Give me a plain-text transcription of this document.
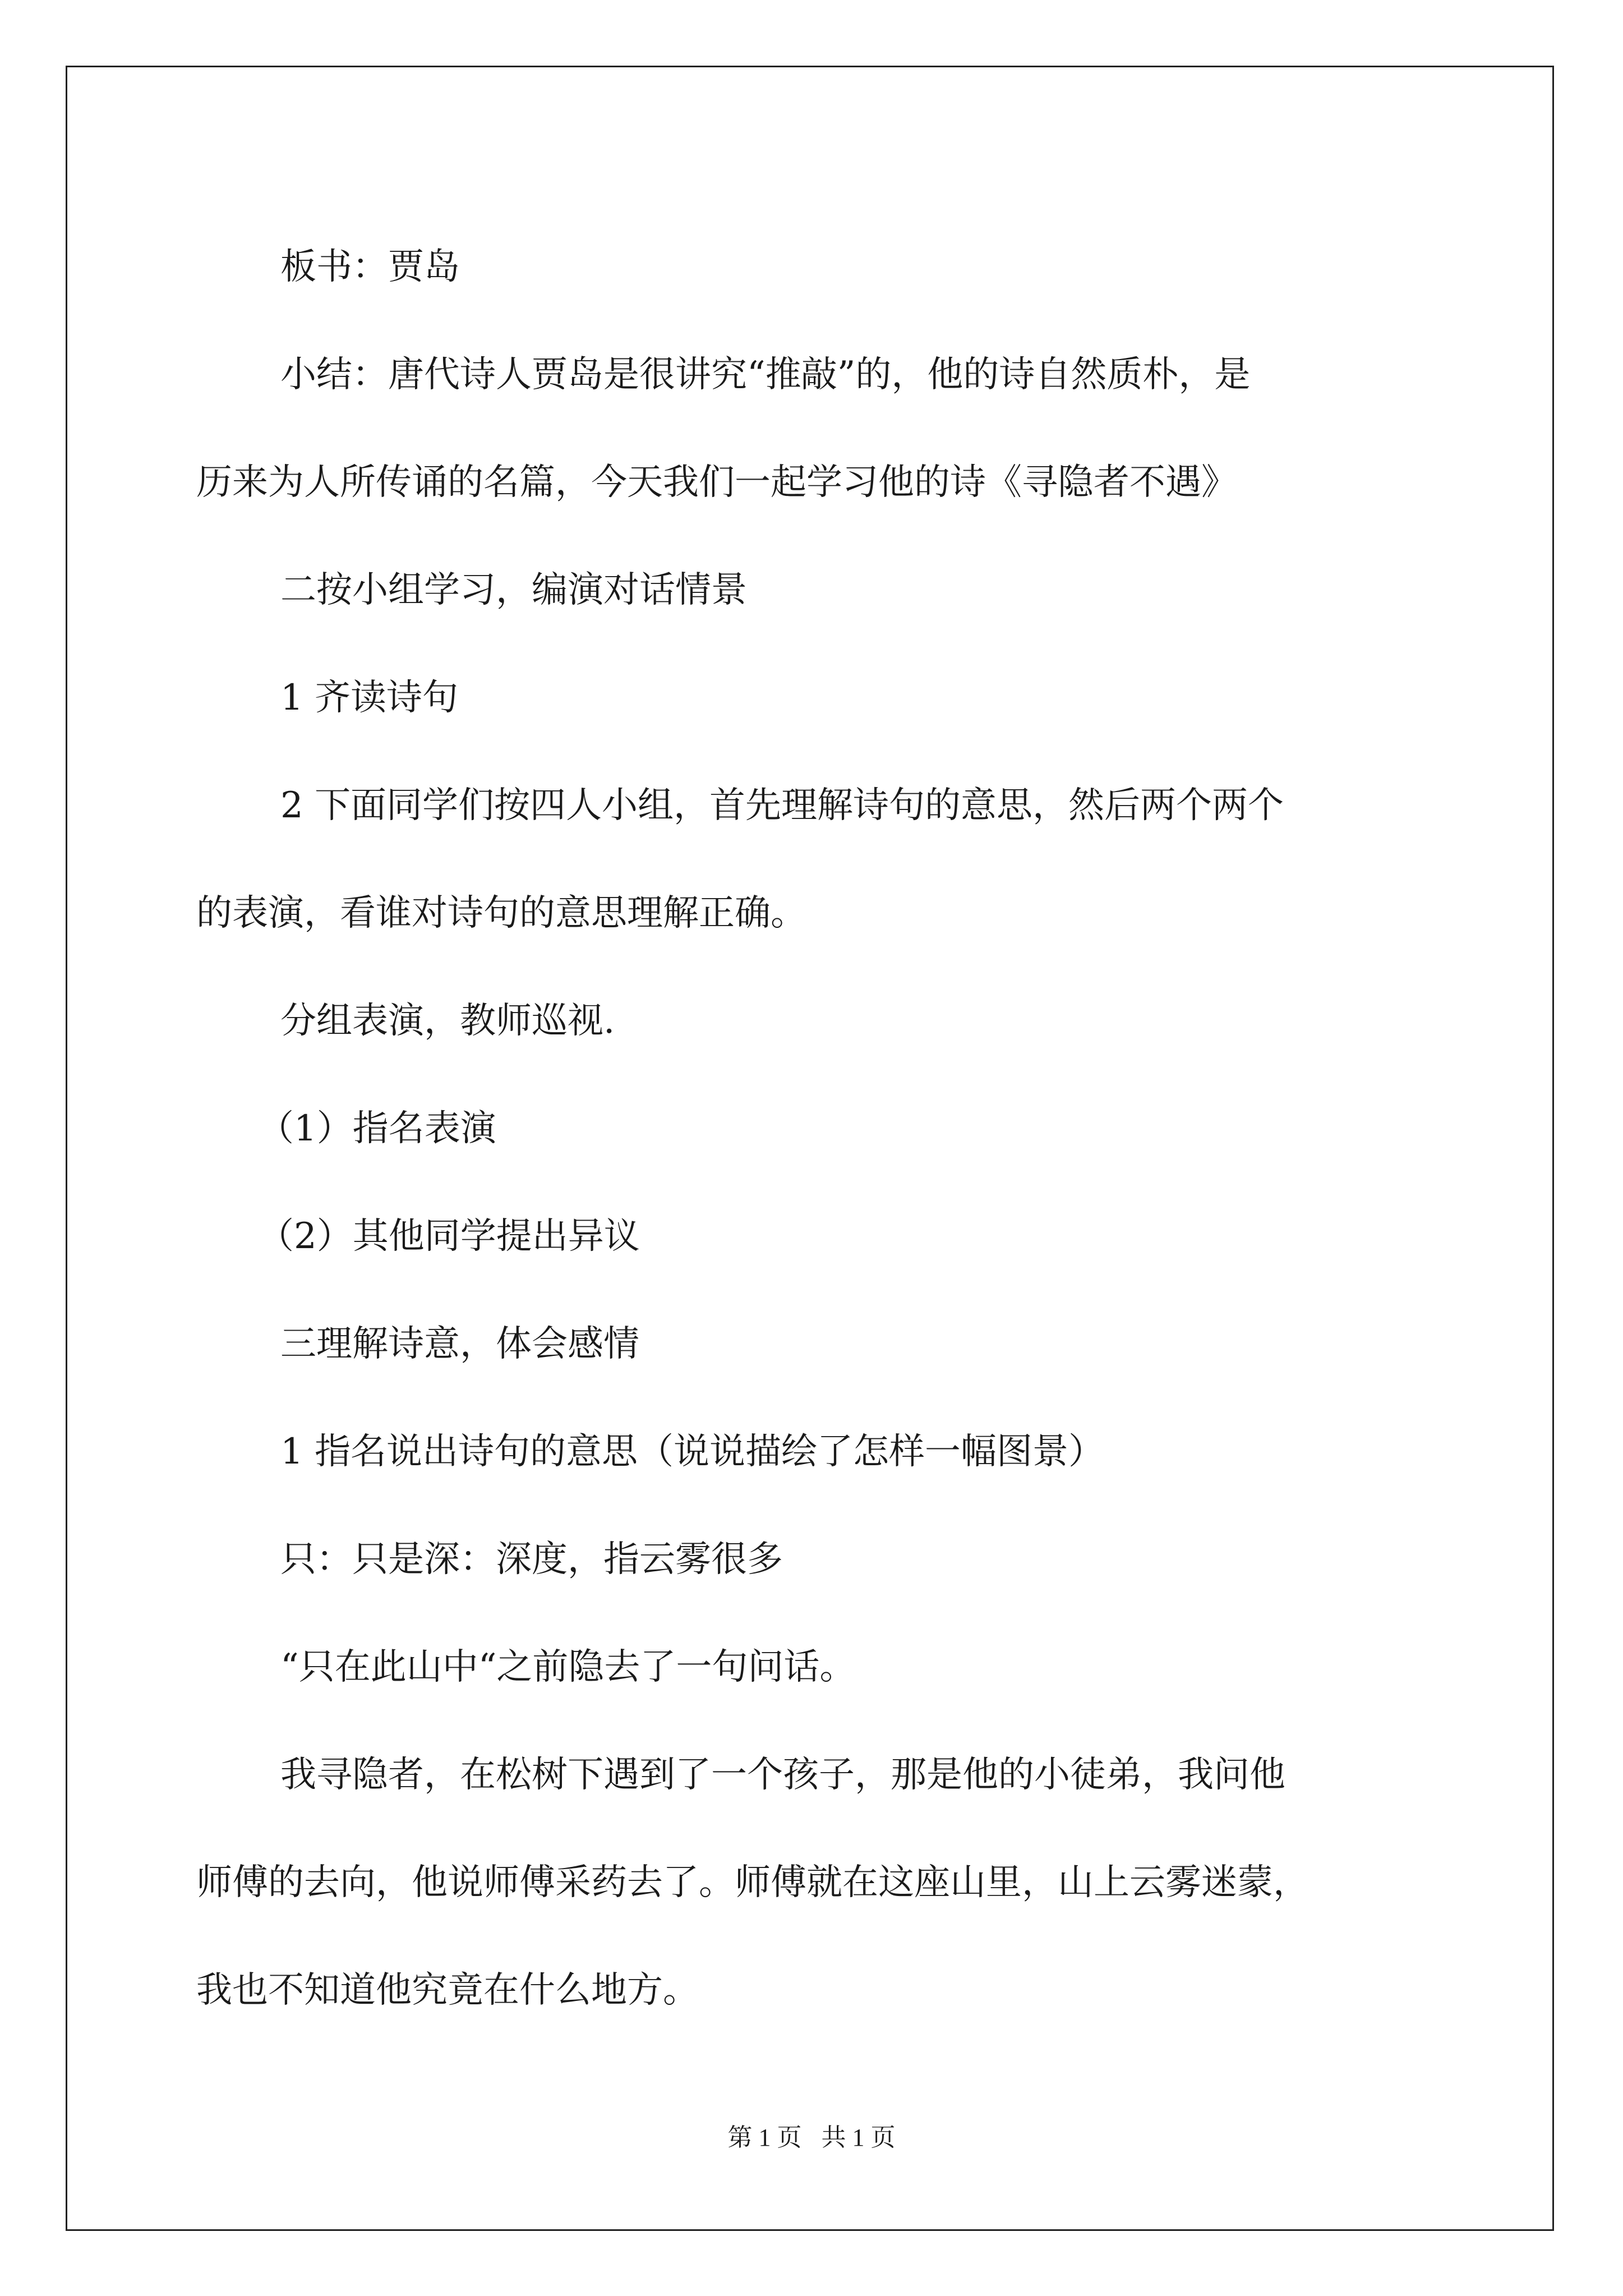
板书：贾岛

小结：唐代诗人贾岛是很讲究“推敲”的，他的诗自然质朴，是

历来为人所传诵的名篇，今天我们一起学习他的诗《寻隐者不遇》

二按小组学习，编演对话情景

1 齐读诗句

2 下面同学们按四人小组，首先理解诗句的意思，然后两个两个

的表演，看谁对诗句的意思理解正确。

分组表演，教师巡视.

（1）指名表演

（2）其他同学提出异议

三理解诗意，体会感情

1 指名说出诗句的意思（说说描绘了怎样一幅图景）

只：只是深：深度，指云雾很多

“只在此山中“之前隐去了一句问话。

我寻隐者，在松树下遇到了一个孩子，那是他的小徒弟，我问他

师傅的去向，他说师傅采药去了。师傅就在这座山里，山上云雾迷蒙，

我也不知道他究竟在什么地方。

第 1 页 共 1 页
